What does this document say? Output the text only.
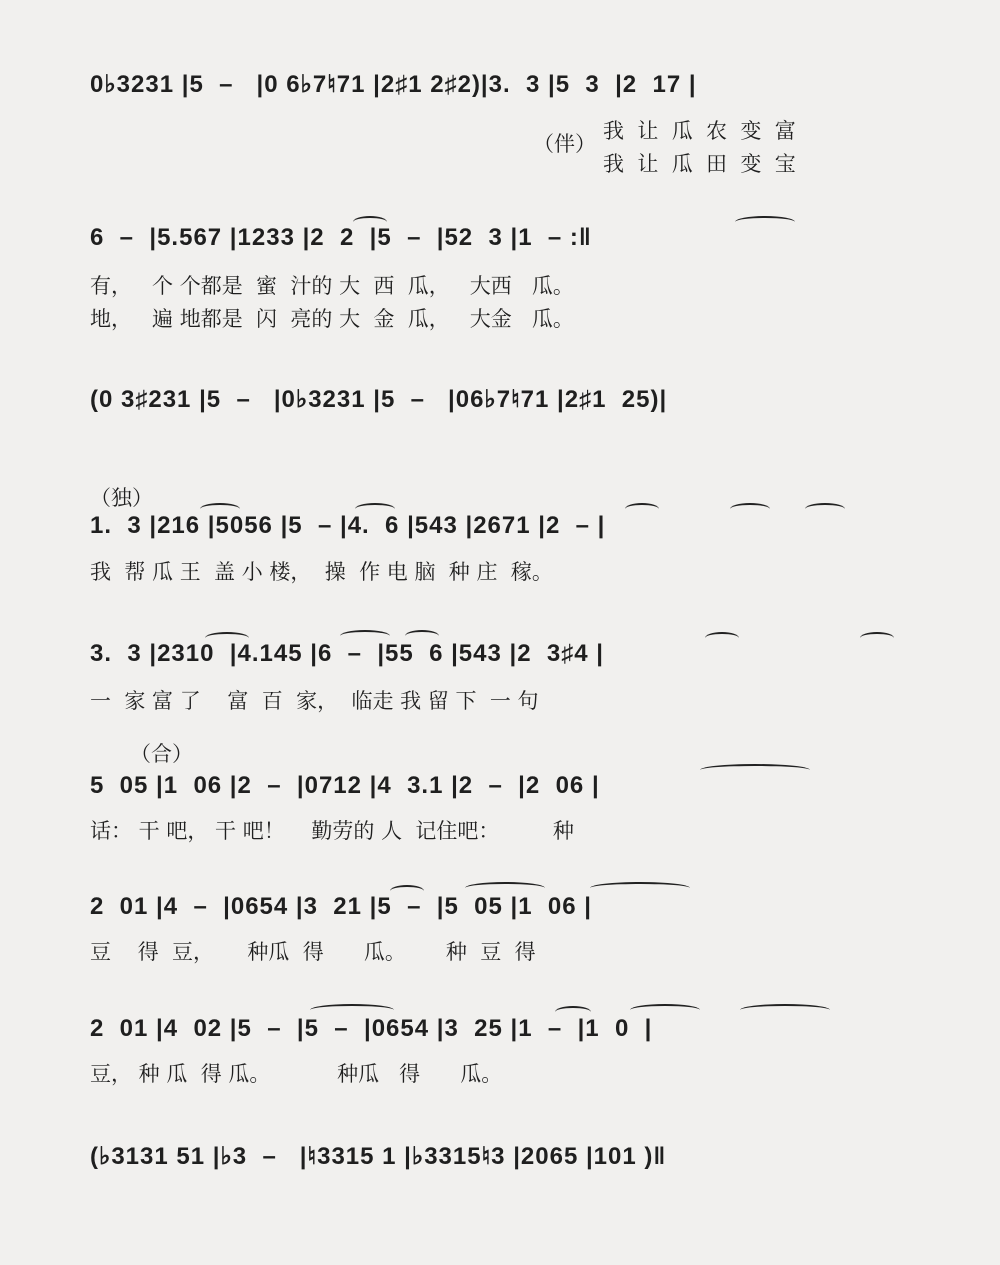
0♭3231 |5  –   |0 6♭7♮71 |2♯1 2♯2)|3.  3 |5  3  |2  17 |
（伴）
我  让  瓜  农  变  富
我  让  瓜  田  变  宝
6  –  |5.567 |1233 |2  2  |5  –  |52  3 |1  – :‖
有，   个 个都是  蜜  汁的 大  西  瓜，   大西   瓜。
地，   遍 地都是  闪  亮的 大  金  瓜，   大金   瓜。
(0 3♯231 |5  –   |0♭3231 |5  –   |06♭7♮71 |2♯1  25)|
（独）
1.  3 |216 |5056 |5  – |4.  6 |543 |2671 |2  – |
我  帮 瓜 王  盖 小 楼，  操  作 电 脑  种 庄  稼。
3.  3 |2310  |4.145 |6  –  |55  6 |543 |2  3♯4 |
一  家 富 了    富  百  家，  临走 我 留 下  一 句
（合）
5  05 |1  06 |2  –  |0712 |4  3.1 |2  –  |2  06 |
话： 干 吧， 干 吧！    勤劳的 人  记住吧：        种
2  01 |4  –  |0654 |3  21 |5  –  |5  05 |1  06 |
豆    得  豆，     种瓜  得      瓜。      种  豆  得
2  01 |4  02 |5  –  |5  –  |0654 |3  25 |1  –  |1  0  |
豆， 种 瓜  得 瓜。          种瓜   得      瓜。
(♭3131 51 |♭3  –   |♮3315 1 |♭3315♮3 |2065 |101 )‖
